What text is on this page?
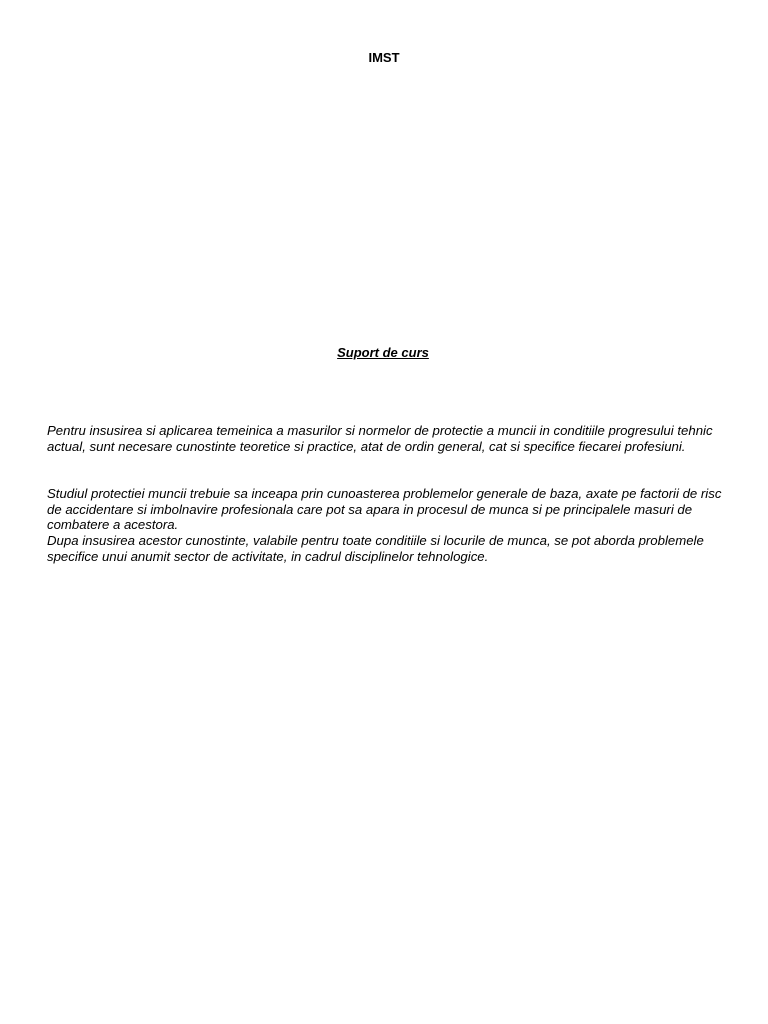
IMST
Suport de curs

Pentru insusirea si aplicarea temeinica a masurilor si normelor de protectie a muncii in conditiile progresului tehnic actual, sunt necesare cunostinte teoretice si practice, atat de ordin general, cat si specifice fiecarei profesiuni.

Studiul protectiei muncii trebuie sa inceapa prin cunoasterea problemelor generale de baza, axate pe factorii de risc de accidentare si imbolnavire profesionala care pot sa apara in procesul de munca si pe principalele masuri de combatere a acestora.

Dupa insusirea acestor cunostinte, valabile pentru toate conditiile si locurile de munca, se pot aborda problemele specifice unui anumit sector de activitate, in cadrul disciplinelor tehnologice.
